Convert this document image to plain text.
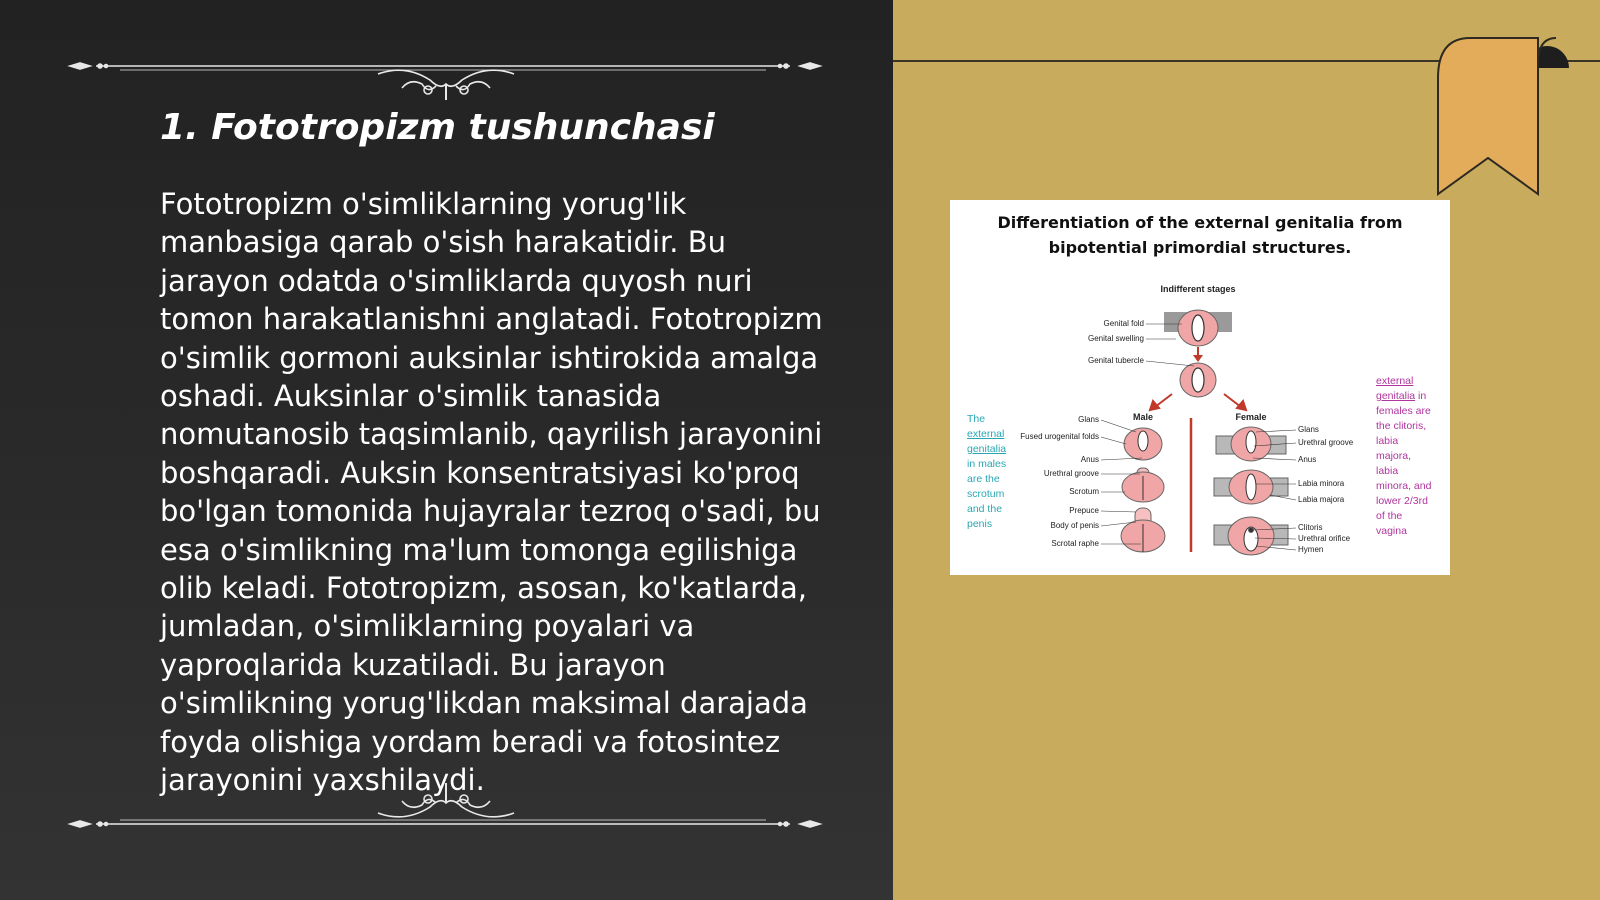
1. Fototropizm tushunchasi

Fototropizm o'simliklarning yorug'lik manbasiga qarab o'sish harakatidir. Bu jarayon odatda o'simliklarda quyosh nuri tomon harakatlanishni anglatadi. Fototropizm o'simlik gormoni auksinlar ishtirokida amalga oshadi. Auksinlar o'simlik tanasida nomutanosib taqsimlanib, qayrilish jarayonini boshqaradi. Auksin konsentratsiyasi ko'proq bo'lgan tomonida hujayralar tezroq o'sadi, bu esa o'simlikning ma'lum tomonga egilishiga olib keladi. Fototropizm, asosan, ko'katlarda, jumladan, o'simliklarning poyalari va yaproqlarida kuzatiladi. Bu jarayon o'simlikning yorug'likdan maksimal darajada foyda olishiga yordam beradi va fotosintez jarayonini yaxshilaydi.

Differentiation of the external genitalia from bipotential primordial structures.

Indifferent stages
Genital fold
Genital swelling
Genital tubercle
Male	Female
Glans
Fused urogenital folds
Anus
Urethral groove
Scrotum
Prepuce
Body of penis
Scrotal raphe
Glans
Urethral groove
Anus
Labia minora
Labia majora
Clitoris
Urethral orifice
Hymen

The external genitalia in males are the scrotum and the penis

external genitalia in females are the clitoris, labia majora, labia minora, and lower 2/3rd of the vagina
